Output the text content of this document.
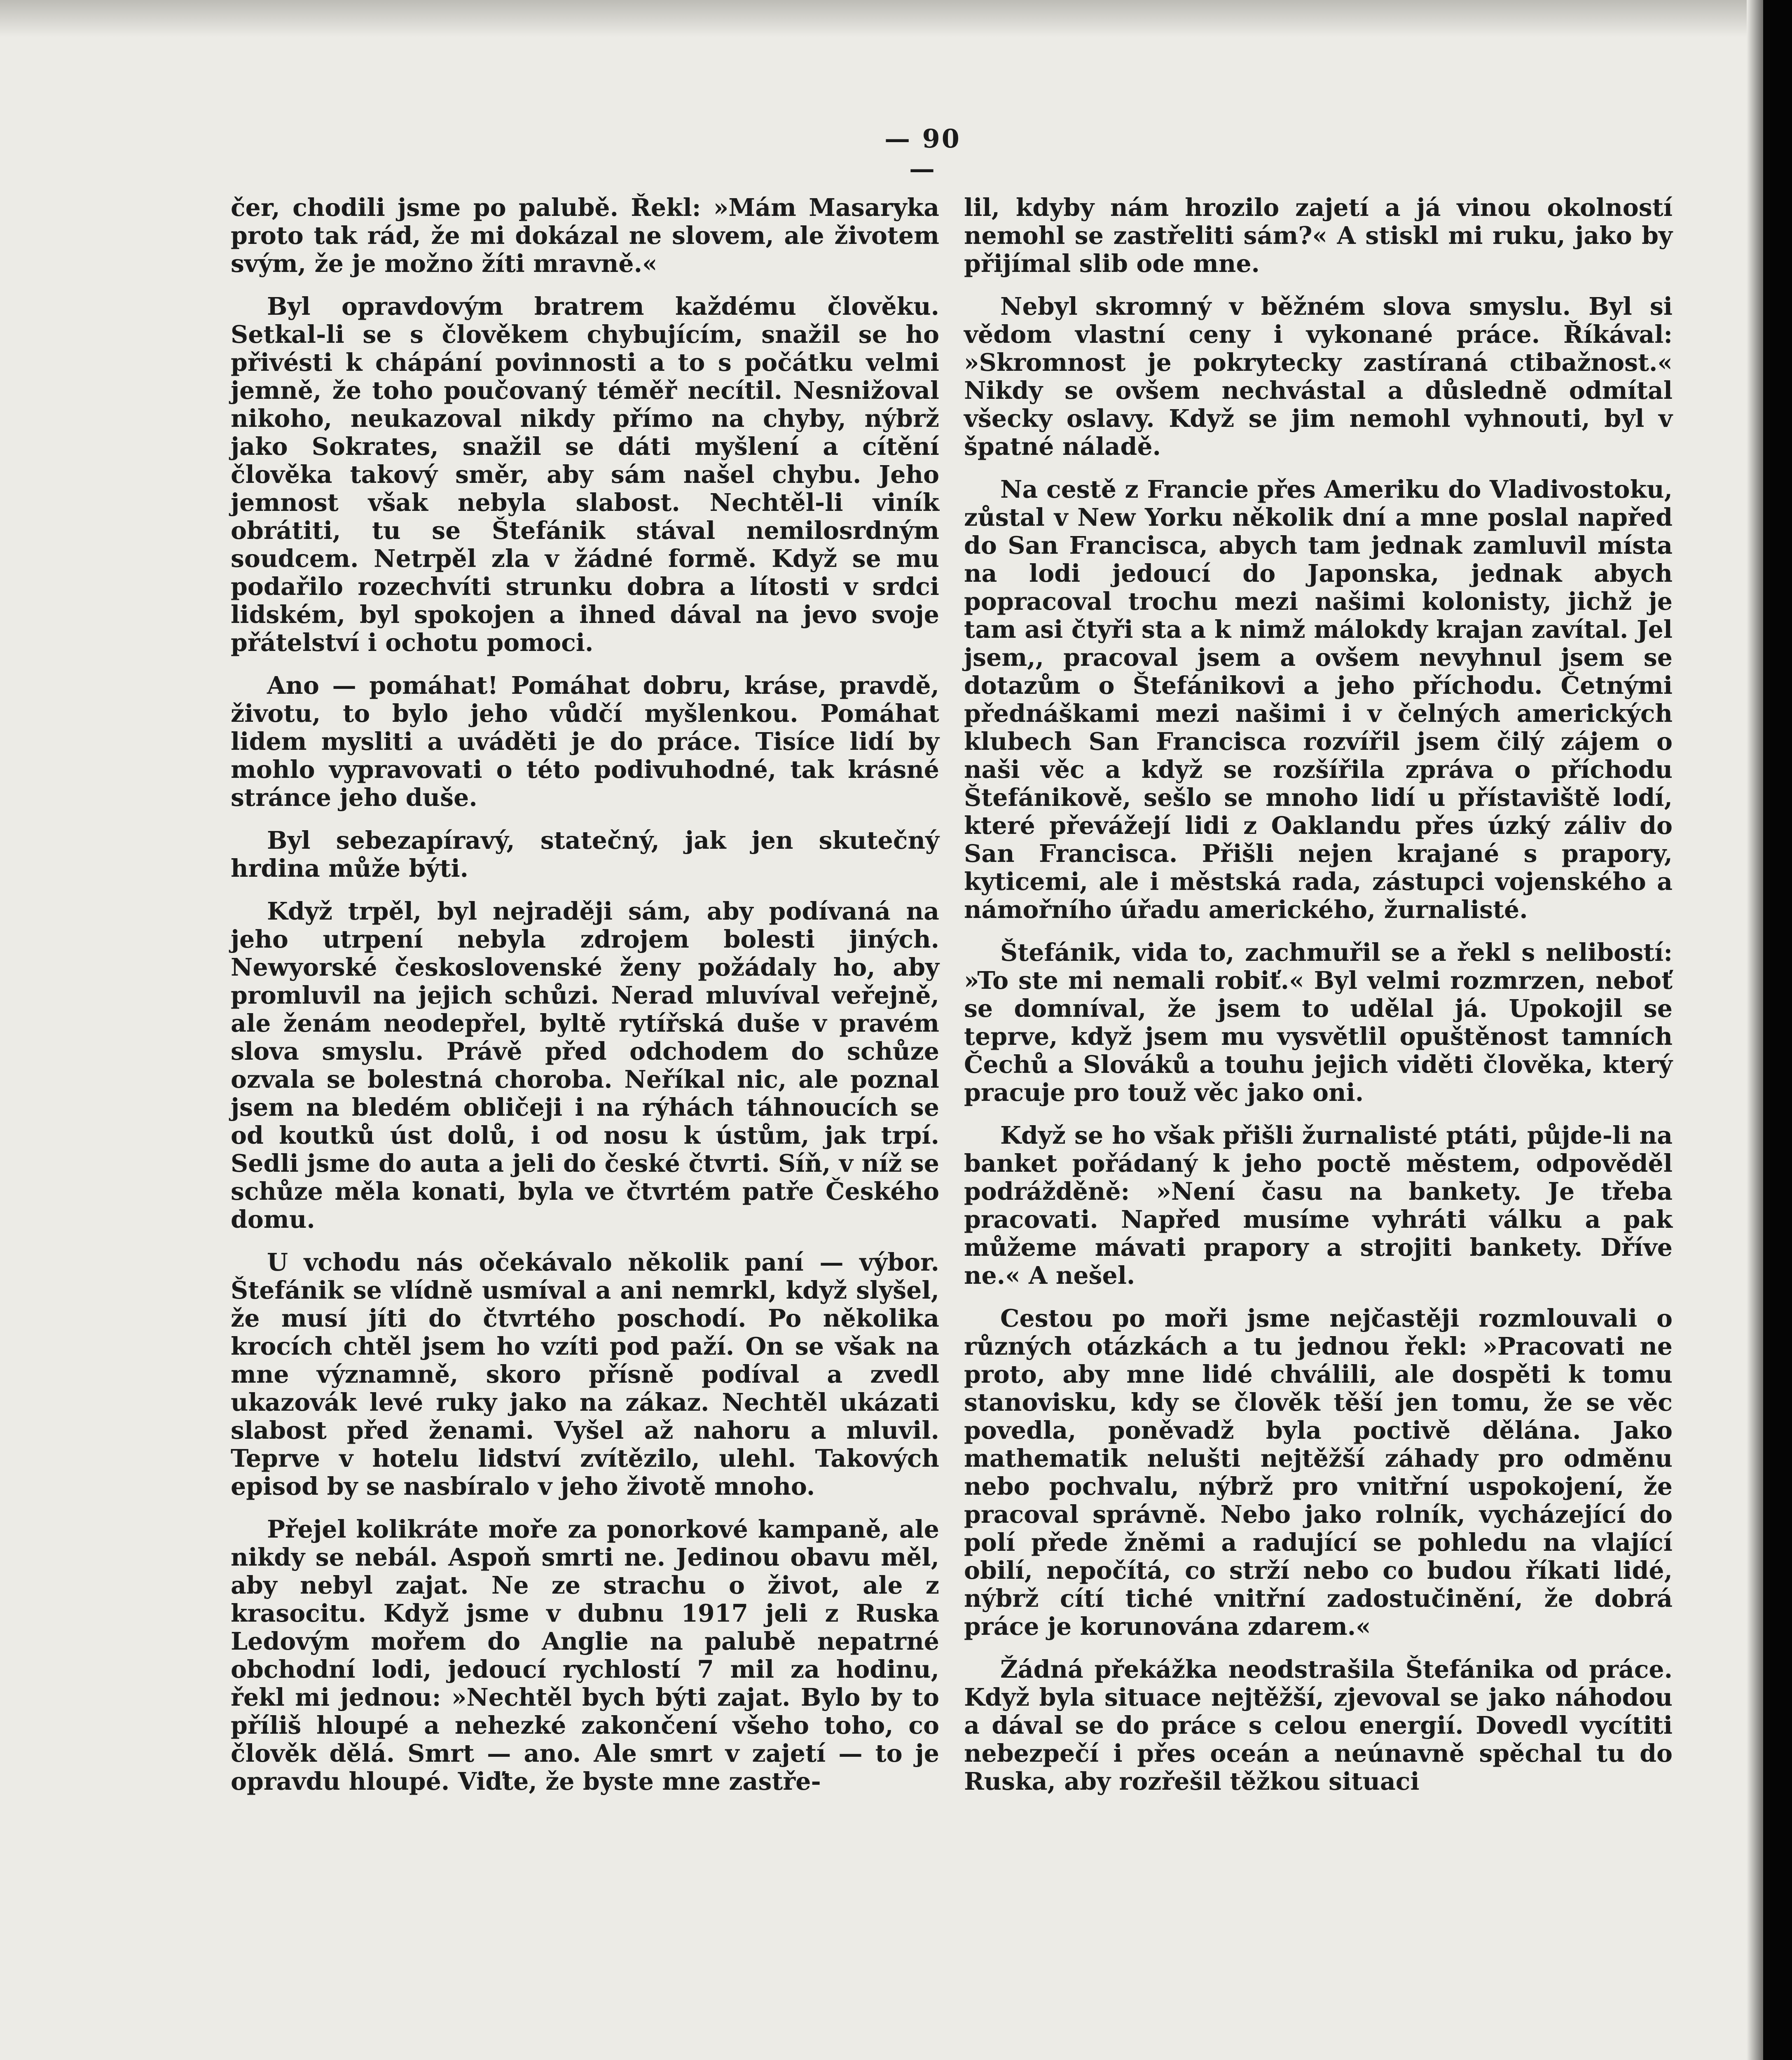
— 90 —

čer, chodili jsme po palubě. Řekl: »Mám Masaryka proto tak rád, že mi dokázal ne slovem, ale životem svým, že je možno žíti mravně.«

Byl opravdovým bratrem každému člověku. Setkal-li se s člověkem chybujícím, snažil se ho přivésti k chápání povinnosti a to s počátku velmi jemně, že toho poučovaný téměř necítil. Nesnižoval nikoho, neukazoval nikdy přímo na chyby, nýbrž jako Sokrates, snažil se dáti myšlení a cítění člověka takový směr, aby sám našel chybu. Jeho jemnost však nebyla slabost. Nechtěl-li viník obrátiti, tu se Štefánik stával nemilosrdným soudcem. Netrpěl zla v žádné formě. Když se mu podařilo rozechvíti strunku dobra a lítosti v srdci lidském, byl spokojen a ihned dával na jevo svoje přátelství i ochotu pomoci.

Ano — pomáhat! Pomáhat dobru, kráse, pravdě, životu, to bylo jeho vůdčí myšlenkou. Pomáhat lidem mysliti a uváděti je do práce. Tisíce lidí by mohlo vypravovati o této podivuhodné, tak krásné stránce jeho duše.

Byl sebezapíravý, statečný, jak jen skutečný hrdina může býti.

Když trpěl, byl nejraději sám, aby podívaná na jeho utrpení nebyla zdrojem bolesti jiných. Newyorské československé ženy požádaly ho, aby promluvil na jejich schůzi. Nerad mluvíval veřejně, ale ženám neodepřel, byltě rytířská duše v pravém slova smyslu. Právě před odchodem do schůze ozvala se bolestná choroba. Neříkal nic, ale poznal jsem na bledém obličeji i na rýhách táhnoucích se od koutků úst dolů, i od nosu k ústům, jak trpí. Sedli jsme do auta a jeli do české čtvrti. Síň, v níž se schůze měla konati, byla ve čtvrtém patře Českého domu.

U vchodu nás očekávalo několik paní — výbor. Štefánik se vlídně usmíval a ani nemrkl, když slyšel, že musí jíti do čtvrtého poschodí. Po několika krocích chtěl jsem ho vzíti pod paží. On se však na mne významně, skoro přísně podíval a zvedl ukazovák levé ruky jako na zákaz. Nechtěl ukázati slabost před ženami. Vyšel až nahoru a mluvil. Teprve v hotelu lidství zvítězilo, ulehl. Takových episod by se nasbíralo v jeho životě mnoho.

Přejel kolikráte moře za ponorkové kampaně, ale nikdy se nebál. Aspoň smrti ne. Jedinou obavu měl, aby nebyl zajat. Ne ze strachu o život, ale z krasocitu. Když jsme v dubnu 1917 jeli z Ruska Ledovým mořem do Anglie na palubě nepatrné obchodní lodi, jedoucí rychlostí 7 mil za hodinu, řekl mi jednou: »Nechtěl bych býti zajat. Bylo by to příliš hloupé a nehezké zakončení všeho toho, co člověk dělá. Smrt — ano. Ale smrt v zajetí — to je opravdu hloupé. Viďte, že byste mne zastře-

lil, kdyby nám hrozilo zajetí a já vinou okolností nemohl se zastřeliti sám?« A stiskl mi ruku, jako by přijímal slib ode mne.

Nebyl skromný v běžném slova smyslu. Byl si vědom vlastní ceny i vykonané práce. Říkával: »Skromnost je pokrytecky zastíraná ctibažnost.« Nikdy se ovšem nechvástal a důsledně odmítal všecky oslavy. Když se jim nemohl vyhnouti, byl v špatné náladě.

Na cestě z Francie přes Ameriku do Vladivostoku, zůstal v New Yorku několik dní a mne poslal napřed do San Francisca, abych tam jednak zamluvil místa na lodi jedoucí do Japonska, jednak abych popracoval trochu mezi našimi kolonisty, jichž je tam asi čtyři sta a k nimž málokdy krajan zavítal. Jel jsem,, pracoval jsem a ovšem nevyhnul jsem se dotazům o Štefánikovi a jeho příchodu. Četnými přednáškami mezi našimi i v čelných amerických klubech San Francisca rozvířil jsem čilý zájem o naši věc a když se rozšířila zpráva o příchodu Štefánikově, sešlo se mnoho lidí u přístaviště lodí, které převážejí lidi z Oaklandu přes úzký záliv do San Francisca. Přišli nejen krajané s prapory, kyticemi, ale i městská rada, zástupci vojenského a námořního úřadu amerického, žurnalisté.

Štefánik, vida to, zachmuřil se a řekl s nelibostí: »To ste mi nemali robiť.« Byl velmi rozmrzen, neboť se domníval, že jsem to udělal já. Upokojil se teprve, když jsem mu vysvětlil opuštěnost tamních Čechů a Slováků a touhu jejich viděti člověka, který pracuje pro touž věc jako oni.

Když se ho však přišli žurnalisté ptáti, půjde-li na banket pořádaný k jeho poctě městem, odpověděl podrážděně: »Není času na bankety. Je třeba pracovati. Napřed musíme vyhráti válku a pak můžeme mávati prapory a strojiti bankety. Dříve ne.« A nešel.

Cestou po moři jsme nejčastěji rozmlouvali o různých otázkách a tu jednou řekl: »Pracovati ne proto, aby mne lidé chválili, ale dospěti k tomu stanovisku, kdy se člověk těší jen tomu, že se věc povedla, poněvadž byla poctivě dělána. Jako mathematik nelušti nejtěžší záhady pro odměnu nebo pochvalu, nýbrž pro vnitřní uspokojení, že pracoval správně. Nebo jako rolník, vycházející do polí přede žněmi a radující se pohledu na vlající obilí, nepočítá, co strží nebo co budou říkati lidé, nýbrž cítí tiché vnitřní zadostučinění, že dobrá práce je korunována zdarem.«

Žádná překážka neodstrašila Štefánika od práce. Když byla situace nejtěžší, zjevoval se jako náhodou a dával se do práce s celou energií. Dovedl vycítiti nebezpečí i přes oceán a neúnavně spěchal tu do Ruska, aby rozřešil těžkou situaci
